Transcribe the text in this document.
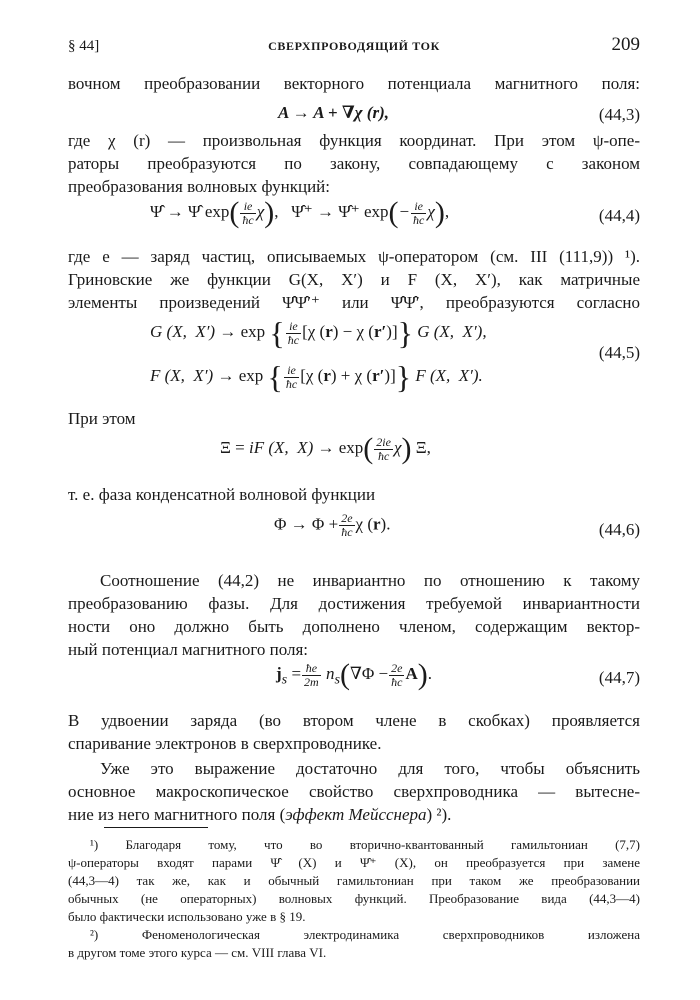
§ 44]	СВЕРХПРОВОДЯЩИЙ ТОК	209
вочном преобразовании векторного потенциала магнитного поля:
A → A + ∇χ (r),	(44,3)
где χ (r) — произвольная функция координат. При этом ψ-опе-
раторы преобразуются по закону, совпадающему с законом
преобразования волновых функций:
Ψ̂ → Ψ̂ $\exp( \frac{ie}{ħc} \chi)$,   Ψ̂⁺ → Ψ̂⁺ $\exp(- \frac{ie}{ħc} \chi)$,	(44,4)
где e — заряд частиц, описываемых ψ-оператором (см. III (111,9)) ¹).
Гриновские же функции G(X, X′) и F (X, X′), как матричные
элементы произведений Ψ̂Ψ̂′⁺ или Ψ̂Ψ̂′, преобразуются согласно
G (X,  X′) → exp { $\frac{ie}{ħc} [\chi$ (r) − χ (r′)]} G (X,  X′),
(44,5)
F (X,  X′) → exp { $\frac{ie}{ħc} [\chi$ (r) + χ (r′)]} F (X,  X′).
При этом
Ξ = iF (X,  $X) \to \exp( \frac{2ie}{ħc} \chi)$ Ξ,
т. е. фаза конденсатной волновой функции
$\Phi \to \Phi + \frac{2e}{ħc}$ χ (r).	(44,6)
Соотношение (44,2) не инвариантно по отношению к такому
преобразованию фазы. Для достижения требуемой инвариантности
ности оно должно быть дополнено членом, содержащим вектор-
ный потенциал магнитного поля:
$j_s = \frac{ħe}{2m} n_s(\nabla\Phi - \frac{2e}{ħc} A)$.	(44,7)
В удвоении заряда (во втором члене в скобках) проявляется
спаривание электронов в сверхпроводнике.
Уже это выражение достаточно для того, чтобы объяснить
основное макроскопическое свойство сверхпроводника — вытесне-
ние из него магнитного поля (эффект Мейсснера) ²).
¹) Благодаря тому, что во вторично-квантованный гамильтониан (7,7)
ψ-операторы входят парами Ψ̂ (X) и Ψ̂⁺ (X), он преобразуется при замене
(44,3—4) так же, как и обычный гамильтониан при таком же преобразовании
обычных (не операторных) волновых функций. Преобразование вида (44,3—4)
было фактически использовано уже в § 19.
²) Феноменологическая электродинамика сверхпроводников изложена
в другом томе этого курса — см. VIII глава VI.
